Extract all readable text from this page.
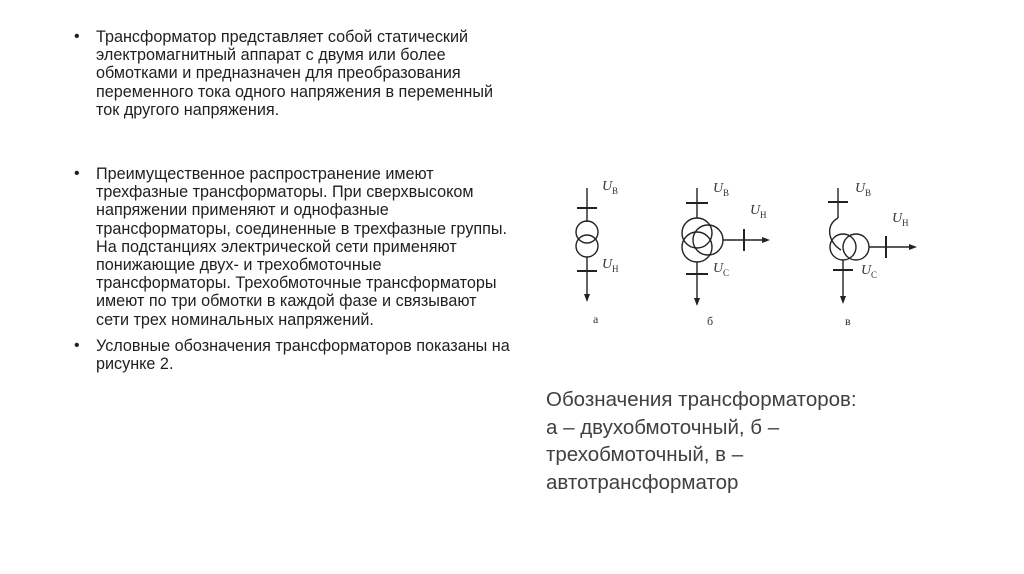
• Трансформатор представляет собой статический электромагнитный аппарат с двумя или более обмотками и предназначен для преобразования переменного тока одного напряжения в переменный ток другого напряжения.
• Преимущественное распространение имеют трехфазные трансформаторы. При сверхвысоком напряжении применяют и однофазные трансформаторы, соединенные в трехфазные группы. На подстанциях электрической сети применяют понижающие двух- и трехобмоточные трансформаторы. Трехобмоточные трансформаторы имеют по три обмотки в каждой фазе и связывают сети трех номинальных напряжений.
• Условные обозначения трансформаторов показаны на рисунке 2.
U В
U Н
а
U В
U Н
U С
б
U В
U Н
U С
в
Обозначения трансформаторов:
а – двухобмоточный, б – трехобмоточный, в – автотрансформатор
